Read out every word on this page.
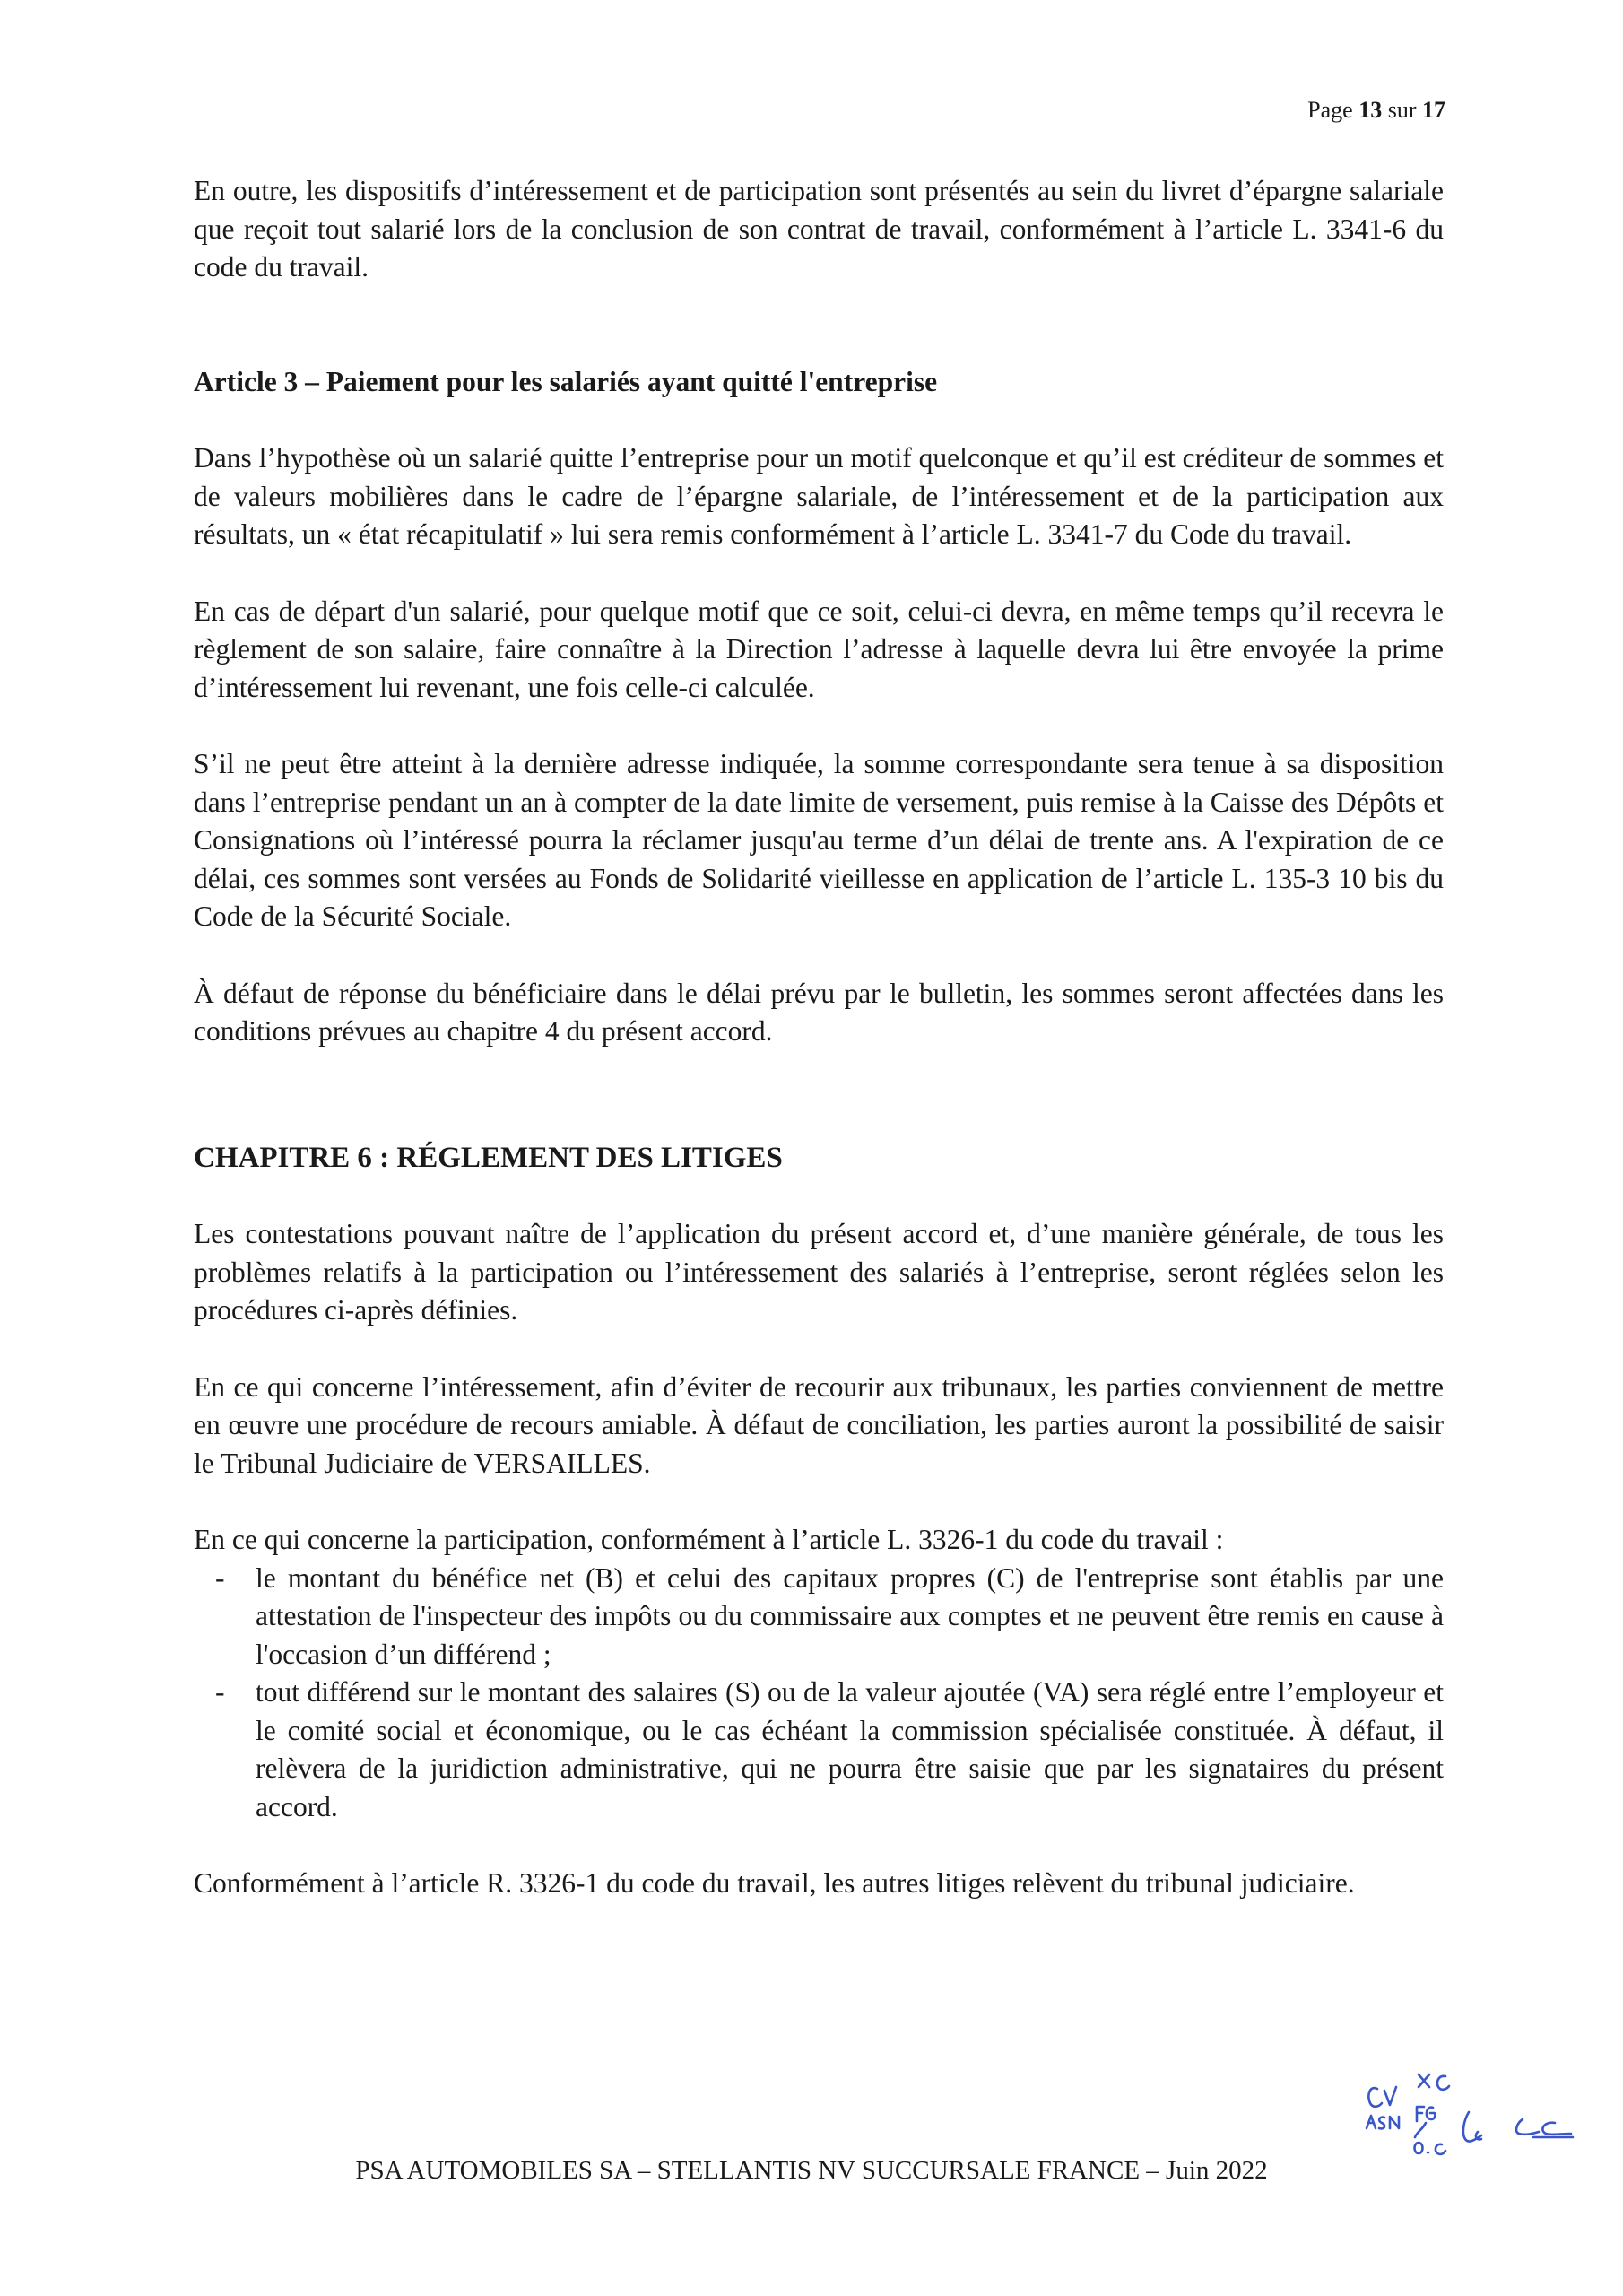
Page 13 sur 17

En outre, les dispositifs d’intéressement et de participation sont présentés au sein du livret d’épargne salariale que reçoit tout salarié lors de la conclusion de son contrat de travail, conformément à l’article L. 3341-6 du code du travail.

Article 3 – Paiement pour les salariés ayant quitté l'entreprise

Dans l’hypothèse où un salarié quitte l’entreprise pour un motif quelconque et qu’il est créditeur de sommes et de valeurs mobilières dans le cadre de l’épargne salariale, de l’intéressement et de la participation aux résultats, un « état récapitulatif » lui sera remis conformément à l’article L. 3341-7 du Code du travail.

En cas de départ d'un salarié, pour quelque motif que ce soit, celui-ci devra, en même temps qu’il recevra le règlement de son salaire, faire connaître à la Direction l’adresse à laquelle devra lui être envoyée la prime d’intéressement lui revenant, une fois celle-ci calculée.

S’il ne peut être atteint à la dernière adresse indiquée, la somme correspondante sera tenue à sa disposition dans l’entreprise pendant un an à compter de la date limite de versement, puis remise à la Caisse des Dépôts et Consignations où l’intéressé pourra la réclamer jusqu'au terme d’un délai de trente ans. A l'expiration de ce délai, ces sommes sont versées au Fonds de Solidarité vieillesse en application de l’article L. 135-3 10 bis du Code de la Sécurité Sociale.

À défaut de réponse du bénéficiaire dans le délai prévu par le bulletin, les sommes seront affectées dans les conditions prévues au chapitre 4 du présent accord.

CHAPITRE 6 : RÉGLEMENT DES LITIGES

Les contestations pouvant naître de l’application du présent accord et, d’une manière générale, de tous les problèmes relatifs à la participation ou l’intéressement des salariés à l’entreprise, seront réglées selon les procédures ci-après définies.

En ce qui concerne l’intéressement, afin d’éviter de recourir aux tribunaux, les parties conviennent de mettre en œuvre une procédure de recours amiable. À défaut de conciliation, les parties auront la possibilité de saisir le Tribunal Judiciaire de VERSAILLES.

En ce qui concerne la participation, conformément à l’article L. 3326-1 du code du travail :

- le montant du bénéfice net (B) et celui des capitaux propres (C) de l'entreprise sont établis par une attestation de l'inspecteur des impôts ou du commissaire aux comptes et ne peuvent être remis en cause à l'occasion d’un différend ;
- tout différend sur le montant des salaires (S) ou de la valeur ajoutée (VA) sera réglé entre l’employeur et le comité social et économique, ou le cas échéant la commission spécialisée constituée. À défaut, il relèvera de la juridiction administrative, qui ne pourra être saisie que par les signataires du présent accord.

Conformément à l’article R. 3326-1 du code du travail, les autres litiges relèvent du tribunal judiciaire.

PSA AUTOMOBILES SA – STELLANTIS NV SUCCURSALE FRANCE – Juin 2022
